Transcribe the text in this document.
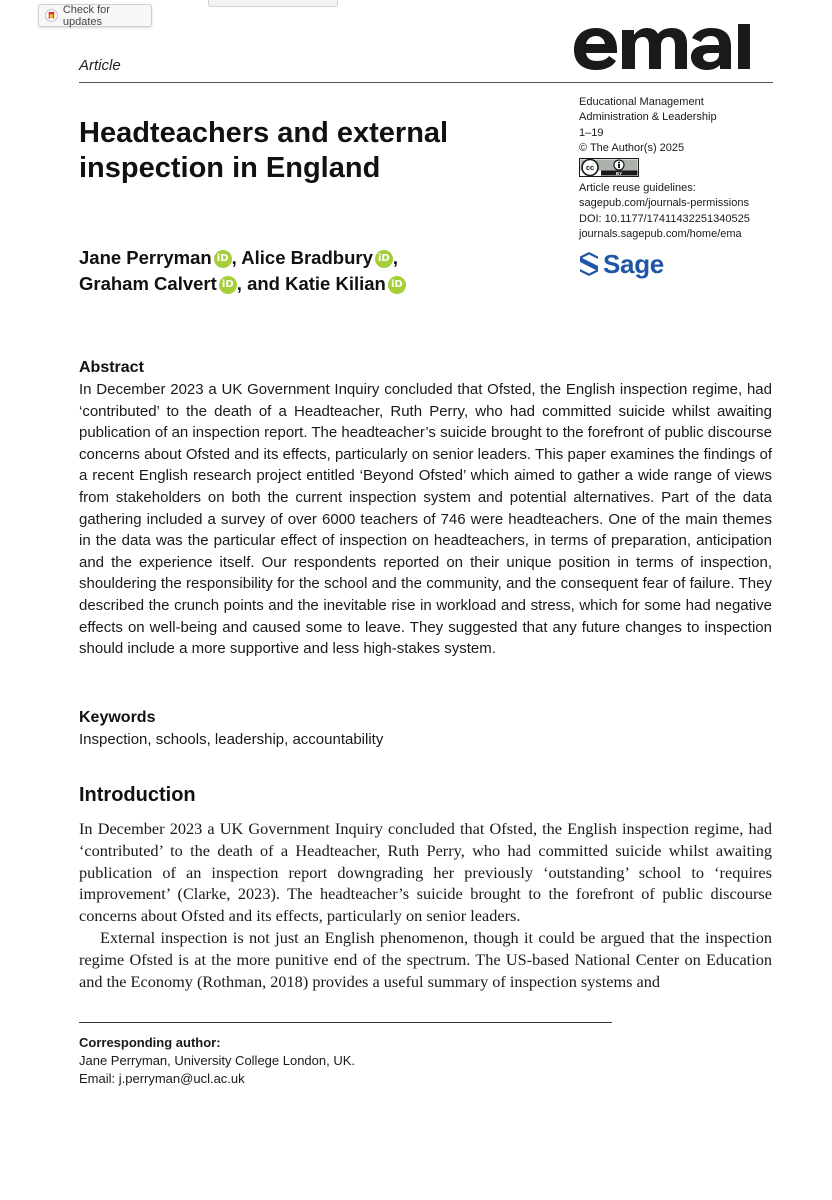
Check for updates
Article
Educational Management
Administration & Leadership
1–19
© The Author(s) 2025
cc
BY
Article reuse guidelines:
sagepub.com/journals-permissions
DOI: 10.1177/17411432251340525
journals.sagepub.com/home/ema
Sage
Headteachers and external inspection in England
Jane Perryman iD , Alice Bradbury iD ,
Graham Calvert iD , and Katie Kilian iD
Abstract
In December 2023 a UK Government Inquiry concluded that Ofsted, the English inspection regime, had ‘contributed’ to the death of a Headteacher, Ruth Perry, who had committed suicide whilst awaiting publication of an inspection report. The headteacher’s suicide brought to the forefront of public discourse concerns about Ofsted and its effects, particularly on senior leaders. This paper examines the findings of a recent English research project entitled ‘Beyond Ofsted’ which aimed to gather a wide range of views from stakeholders on both the current inspection system and potential alternatives. Part of the data gathering included a survey of over 6000 teachers of 746 were headteachers. One of the main themes in the data was the particular effect of inspection on headteachers, in terms of preparation, anticipation and the experience itself. Our respondents reported on their unique position in terms of inspection, shouldering the responsibility for the school and the community, and the consequent fear of failure. They described the crunch points and the inevitable rise in workload and stress, which for some had negative effects on well-being and caused some to leave. They suggested that any future changes to inspection should include a more supportive and less high-stakes system.
Keywords
Inspection, schools, leadership, accountability
Introduction

In December 2023 a UK Government Inquiry concluded that Ofsted, the English inspection regime, had ‘contributed’ to the death of a Headteacher, Ruth Perry, who had committed suicide whilst awaiting publication of an inspection report downgrading her previously ‘outstanding’ school to ‘requires improvement’ (Clarke, 2023). The headteacher’s suicide brought to the forefront of public discourse concerns about Ofsted and its effects, particularly on senior leaders.

External inspection is not just an English phenomenon, though it could be argued that the inspection regime Ofsted is at the more punitive end of the spectrum. The US-based National Center on Education and the Economy (Rothman, 2018) provides a useful summary of inspection systems and

Corresponding author:
Jane Perryman, University College London, UK.
Email: j.perryman@ucl.ac.uk
